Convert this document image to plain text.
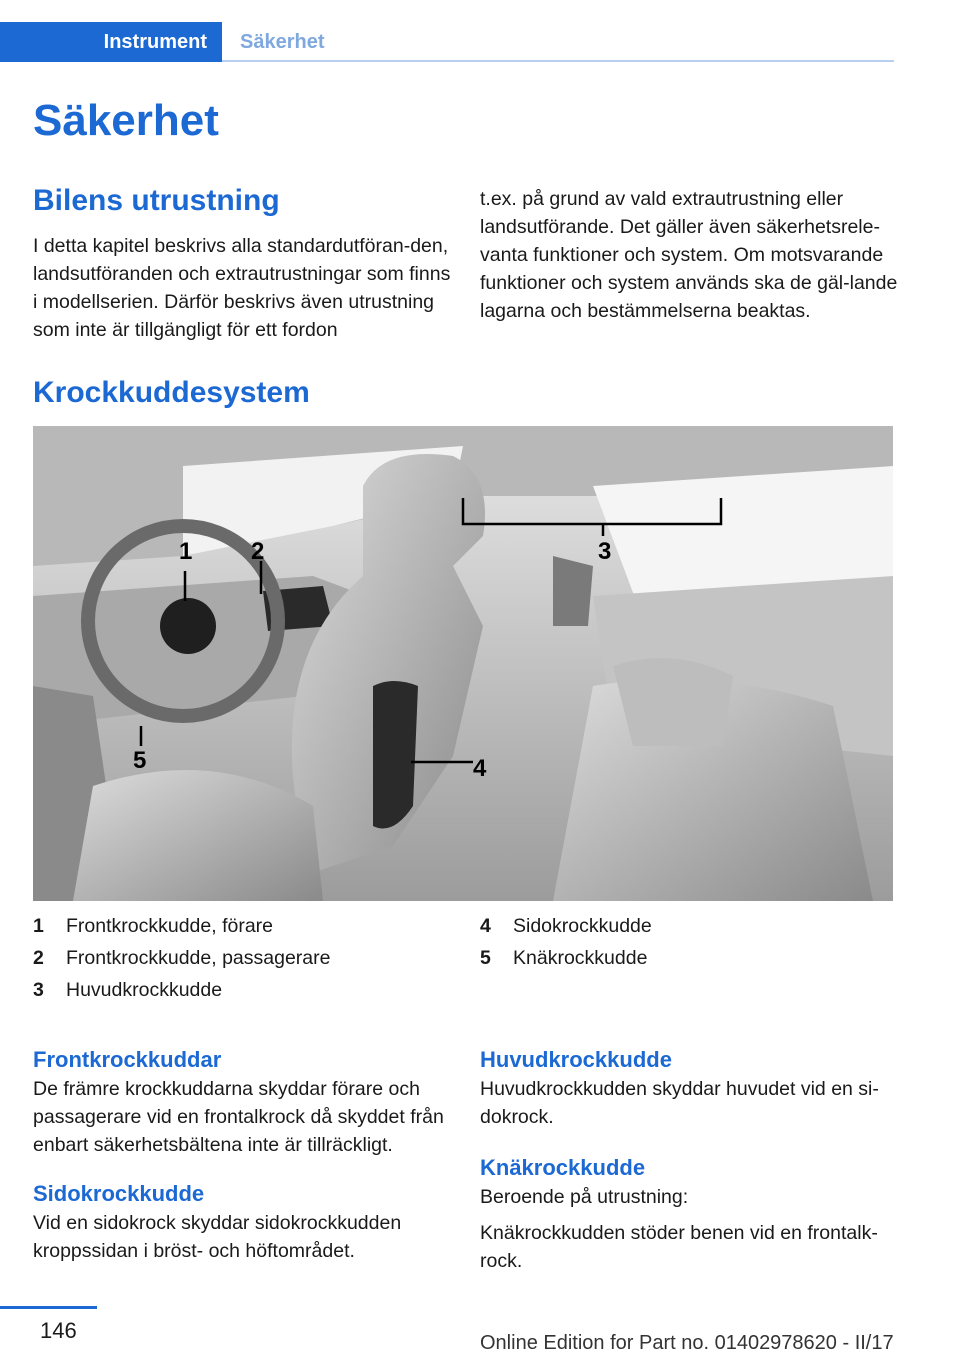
Instrument	Säkerhet
Säkerhet
Bilens utrustning

I detta kapitel beskrivs alla standardutföran-den, landsutföranden och extrautrustningar som finns i modellserien. Därför beskrivs även utrustning som inte är tillgängligt för ett fordon

t.ex. på grund av vald extrautrustning eller landsutförande. Det gäller även säkerhetsrele-vanta funktioner och system. Om motsvarande funktioner och system används ska de gäl-lande lagarna och bestämmelserna beaktas.

Krockkuddesystem
1 2	3
4
5
1	Frontkrockkudde, förare
2	Frontkrockkudde, passagerare
3	Huvudkrockkudde
4	Sidokrockkudde
5	Knäkrockkudde
Frontkrockkuddar

De främre krockkuddarna skyddar förare och passagerare vid en frontalkrock då skyddet från enbart säkerhetsbältena inte är tillräckligt.

Sidokrockkudde

Vid en sidokrock skyddar sidokrockkudden kroppssidan i bröst- och höftområdet.

Huvudkrockkudde

Huvudkrockkudden skyddar huvudet vid en si-dokrock.

Knäkrockkudde

Beroende på utrustning:

Knäkrockkudden stöder benen vid en frontalk-rock.

146	Online Edition for Part no. 01402978620 - II/17
